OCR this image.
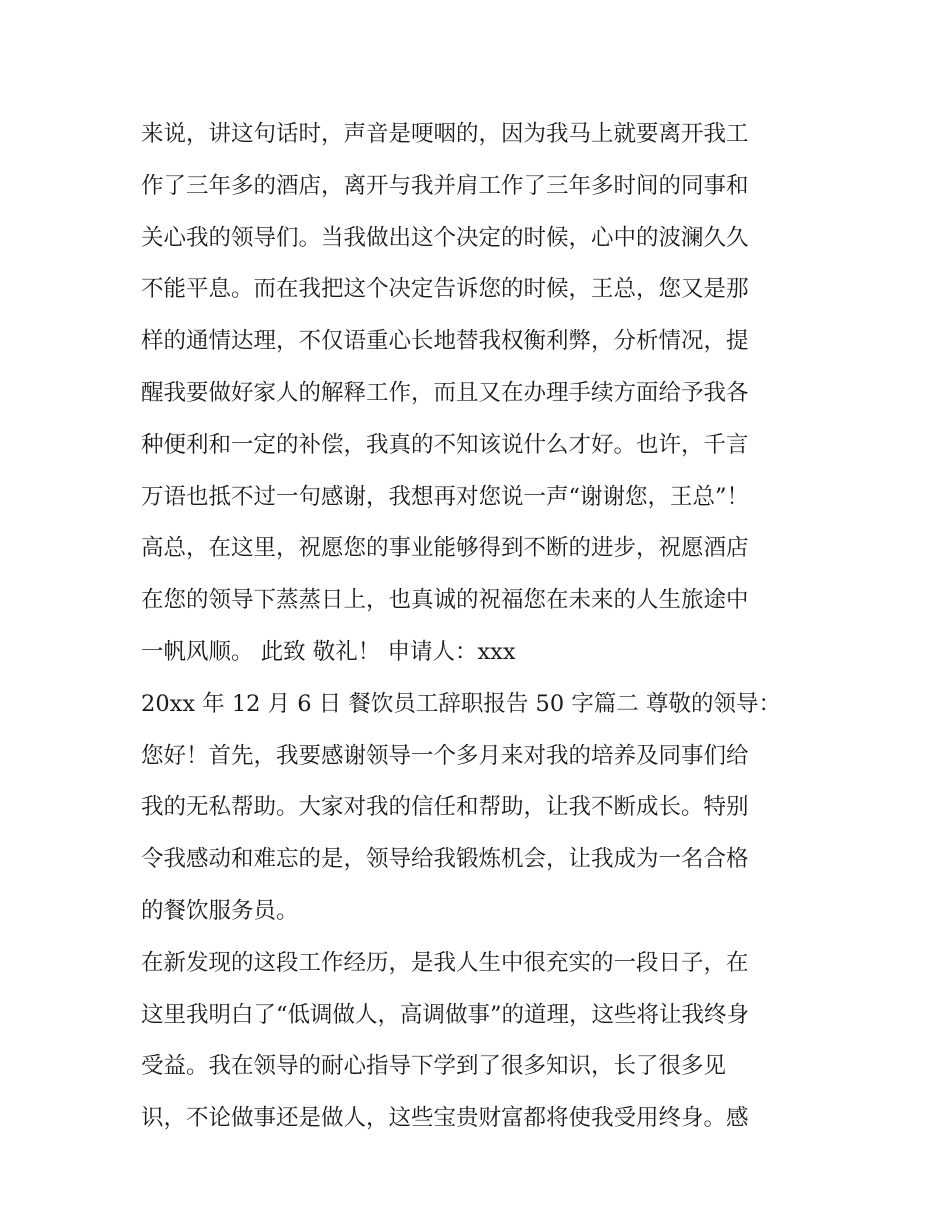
来说，讲这句话时，声音是哽咽的，因为我马上就要离开我工
作了三年多的酒店，离开与我并肩工作了三年多时间的同事和
关心我的领导们。当我做出这个决定的时候，心中的波澜久久
不能平息。而在我把这个决定告诉您的时候，王总，您又是那
样的通情达理，不仅语重心长地替我权衡利弊，分析情况，提
醒我要做好家人的解释工作，而且又在办理手续方面给予我各
种便利和一定的补偿，我真的不知该说什么才好。也许，千言
万语也抵不过一句感谢，我想再对您说一声“谢谢您，王总”！
高总，在这里，祝愿您的事业能够得到不断的进步，祝愿酒店
在您的领导下蒸蒸日上，也真诚的祝福您在未来的人生旅途中
一帆风顺。 此致 敬礼！ 申请人：xxx
20xx 年 12 月 6 日 餐饮员工辞职报告 50 字篇二 尊敬的领导：
您好！首先，我要感谢领导一个多月来对我的培养及同事们给
我的无私帮助。大家对我的信任和帮助，让我不断成长。特别
令我感动和难忘的是，领导给我锻炼机会，让我成为一名合格
的餐饮服务员。
在新发现的这段工作经历，是我人生中很充实的一段日子，在
这里我明白了“低调做人，高调做事”的道理，这些将让我终身
受益。我在领导的耐心指导下学到了很多知识，长了很多见
识，不论做事还是做人，这些宝贵财富都将使我受用终身。感
